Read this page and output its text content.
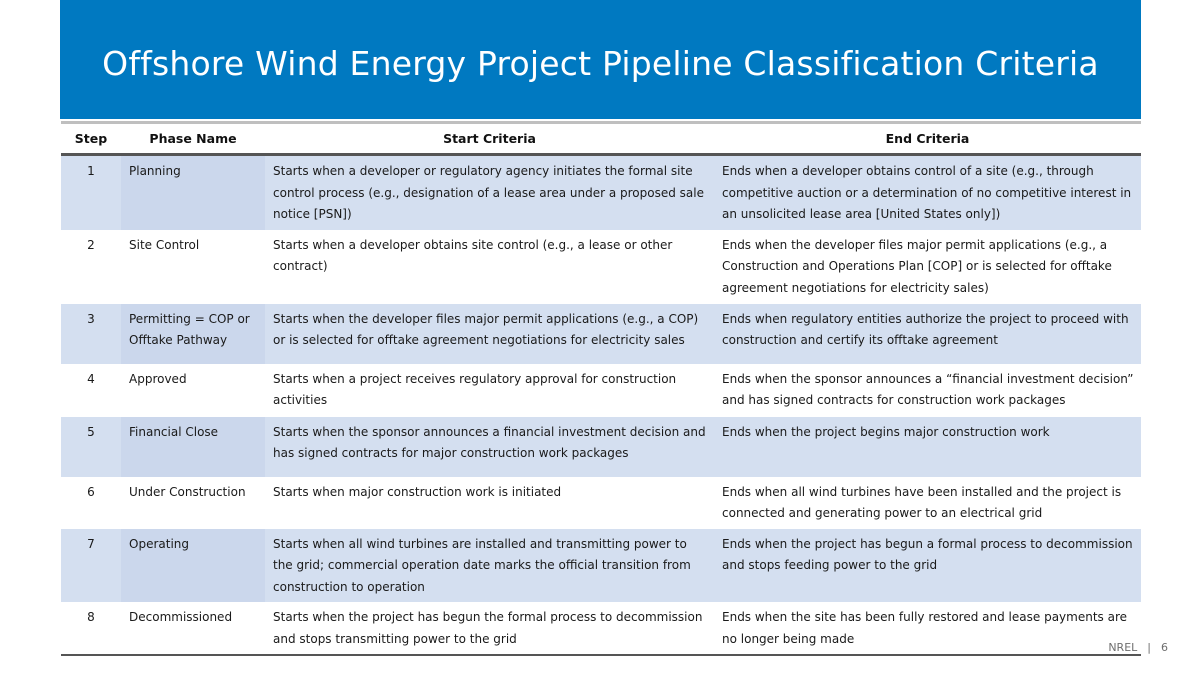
Offshore Wind Energy Project Pipeline Classification Criteria
Step	Phase Name	Start Criteria	End Criteria
1	Planning	Starts when a developer or regulatory agency initiates the formal site control process (e.g., designation of a lease area under a proposed sale notice [PSN])	Ends when a developer obtains control of a site (e.g., through competitive auction or a determination of no competitive interest in an unsolicited lease area [United States only])
2	Site Control	Starts when a developer obtains site control (e.g., a lease or other contract)	Ends when the developer files major permit applications (e.g., a Construction and Operations Plan [COP] or is selected for offtake agreement negotiations for electricity sales)
3	Permitting = COP or Offtake Pathway	Starts when the developer files major permit applications (e.g., a COP) or is selected for offtake agreement negotiations for electricity sales	Ends when regulatory entities authorize the project to proceed with construction and certify its offtake agreement
4	Approved	Starts when a project receives regulatory approval for construction activities	Ends when the sponsor announces a “financial investment decision” and has signed contracts for construction work packages
5	Financial Close	Starts when the sponsor announces a financial investment decision and has signed contracts for major construction work packages	Ends when the project begins major construction work
6	Under Construction	Starts when major construction work is initiated	Ends when all wind turbines have been installed and the project is connected and generating power to an electrical grid
7	Operating	Starts when all wind turbines are installed and transmitting power to the grid; commercial operation date marks the official transition from construction to operation	Ends when the project has begun a formal process to decommission and stops feeding power to the grid
8	Decommissioned	Starts when the project has begun the formal process to decommission and stops transmitting power to the grid	Ends when the site has been fully restored and lease payments are no longer being made
NREL | 6
